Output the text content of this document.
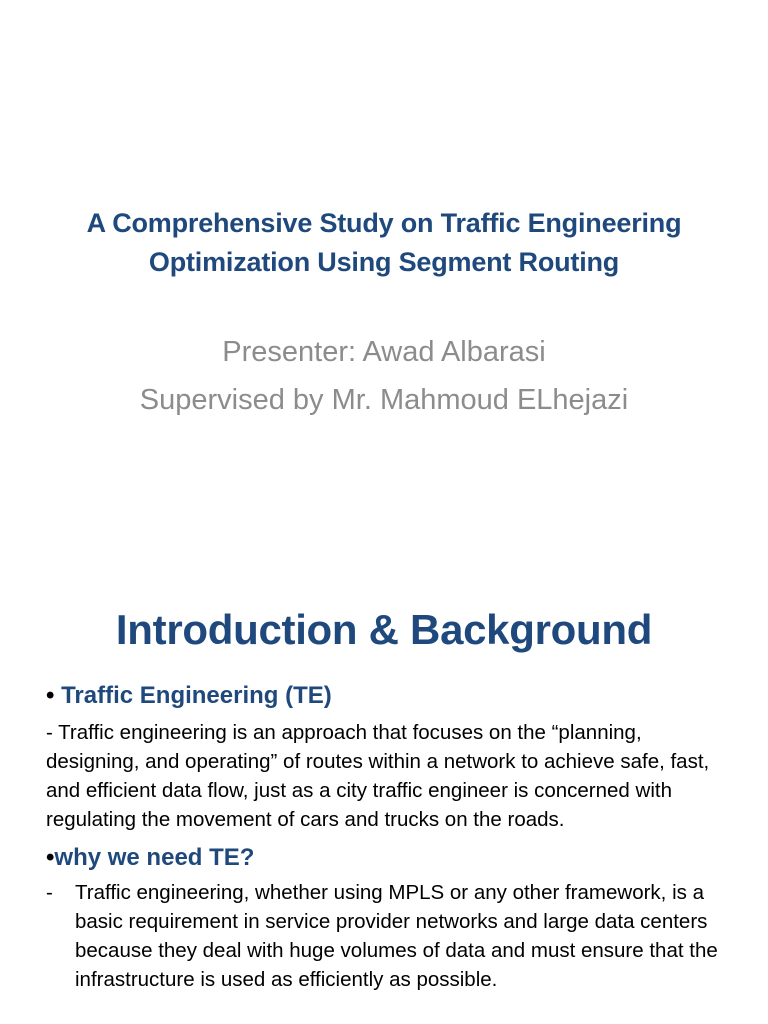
A Comprehensive Study on Traffic Engineering
Optimization Using Segment Routing
Presenter: Awad Albarasi
Supervised by Mr. Mahmoud ELhejazi
Introduction & Background
• Traffic Engineering (TE)
- Traffic engineering is an approach that focuses on the “planning, designing, and operating” of routes within a network to achieve safe, fast, and efficient data flow, just as a city traffic engineer is concerned with regulating the movement of cars and trucks on the roads.
•why we need TE?
- Traffic engineering, whether using MPLS or any other framework, is a basic requirement in service provider networks and large data centers because they deal with huge volumes of data and must ensure that the infrastructure is used as efficiently as possible.
